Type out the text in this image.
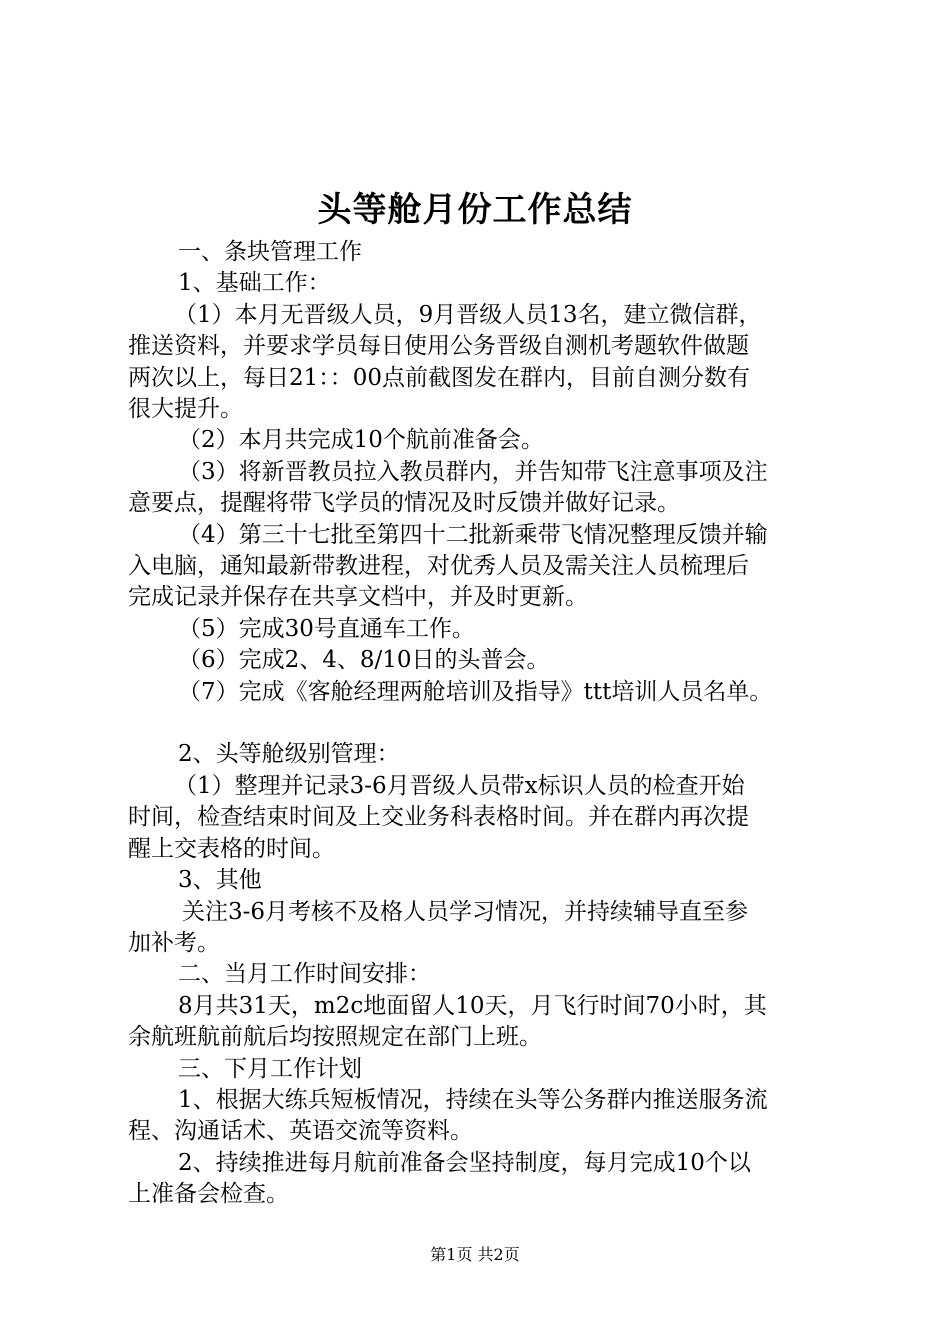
头等舱月份工作总结

一、条块管理工作

1、基础工作：

（1）本月无晋级人员，9月晋级人员13名，建立微信群，

推送资料，并要求学员每日使用公务晋级自测机考题软件做题

两次以上，每日21：：00点前截图发在群内，目前自测分数有

很大提升。

（2）本月共完成10个航前准备会。

（3）将新晋教员拉入教员群内，并告知带飞注意事项及注

意要点，提醒将带飞学员的情况及时反馈并做好记录。

（4）第三十七批至第四十二批新乘带飞情况整理反馈并输

入电脑，通知最新带教进程，对优秀人员及需关注人员梳理后

完成记录并保存在共享文档中，并及时更新。

（5）完成30号直通车工作。

（6）完成2、4、8/10日的头普会。

（7）完成《客舱经理两舱培训及指导》ttt培训人员名单。

2、头等舱级别管理：

（1）整理并记录3-6月晋级人员带x标识人员的检查开始

时间，检查结束时间及上交业务科表格时间。并在群内再次提

醒上交表格的时间。

3、其他

关注3-6月考核不及格人员学习情况，并持续辅导直至参

加补考。

二、当月工作时间安排：

8月共31天，m2c地面留人10天，月飞行时间70小时，其

余航班航前航后均按照规定在部门上班。

三、下月工作计划

1、根据大练兵短板情况，持续在头等公务群内推送服务流

程、沟通话术、英语交流等资料。

2、持续推进每月航前准备会坚持制度，每月完成10个以

上准备会检查。

第1页 共2页
